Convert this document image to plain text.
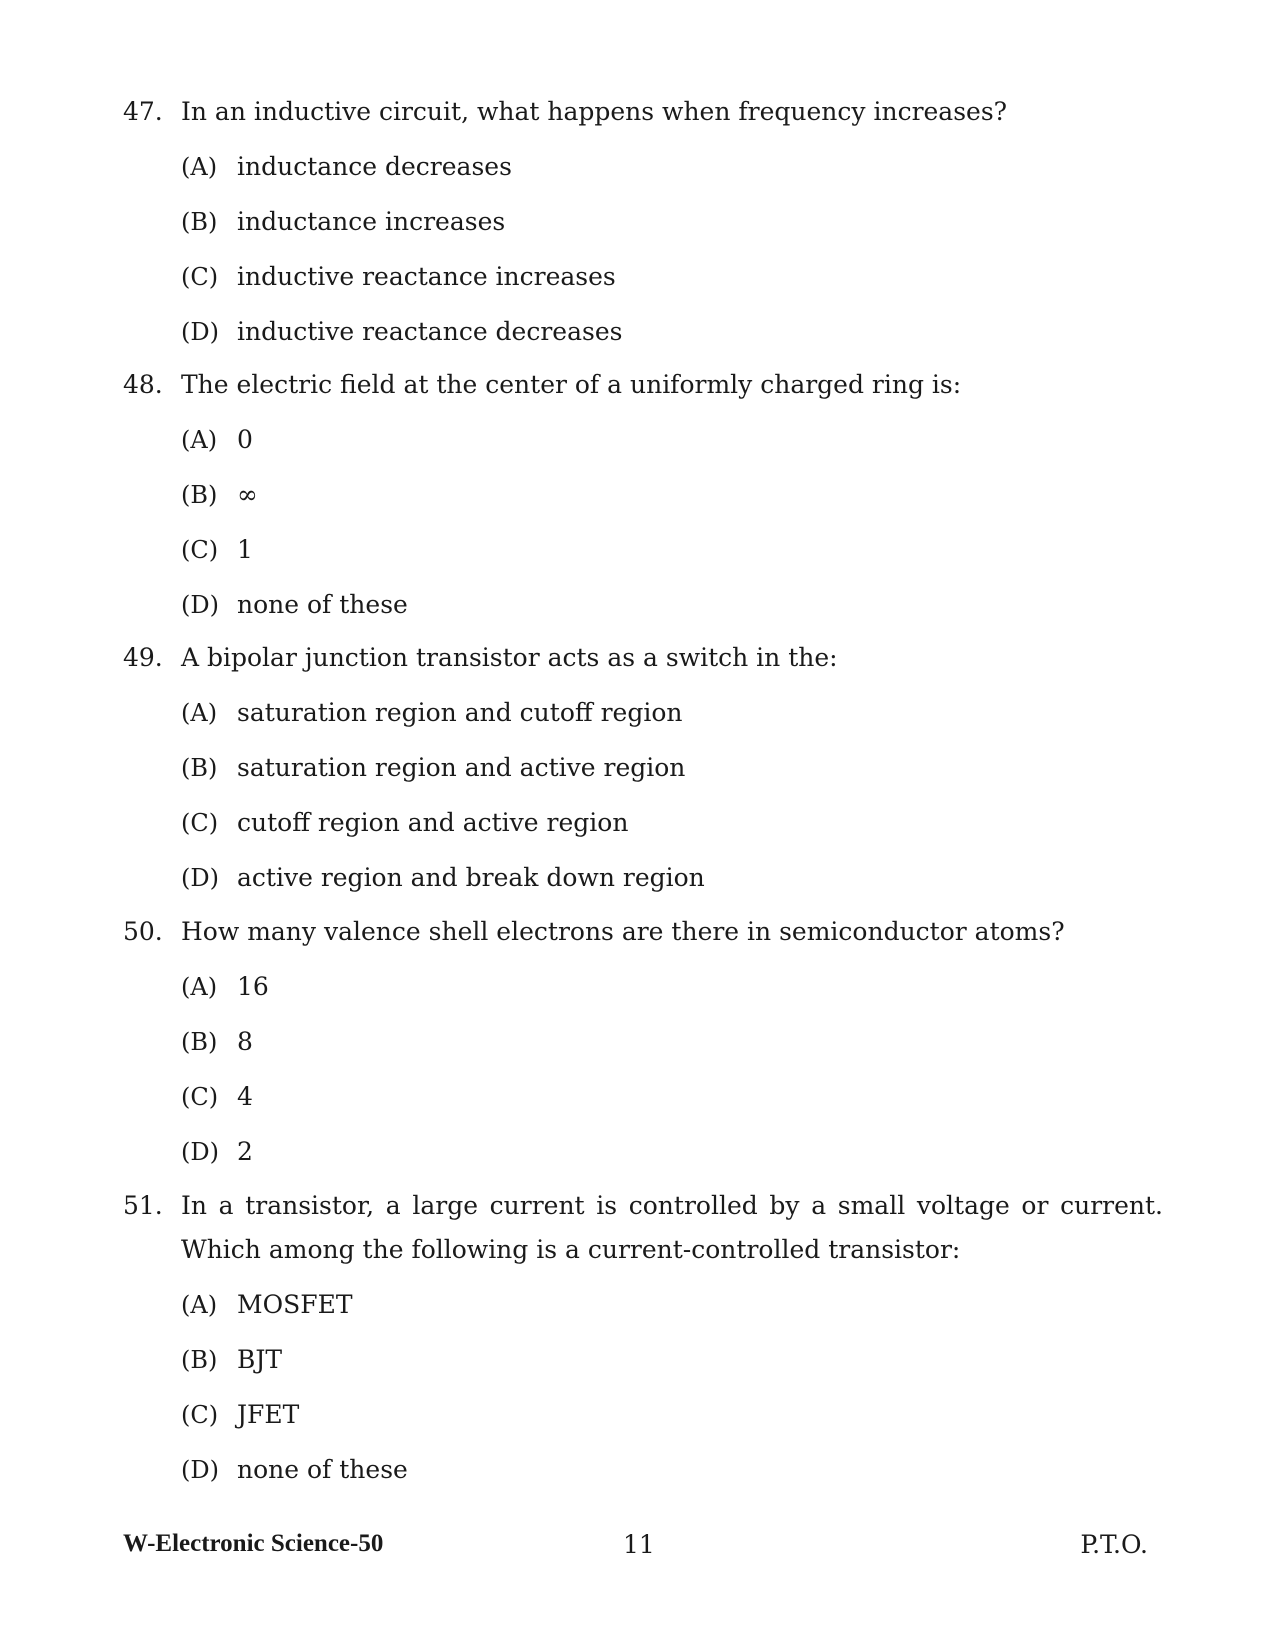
47. In an inductive circuit, what happens when frequency increases?
(A) inductance decreases
(B) inductance increases
(C) inductive reactance increases
(D) inductive reactance decreases
48. The electric field at the center of a uniformly charged ring is:
(A) 0
(B) ∞
(C) 1
(D) none of these
49. A bipolar junction transistor acts as a switch in the:
(A) saturation region and cutoff region
(B) saturation region and active region
(C) cutoff region and active region
(D) active region and break down region
50. How many valence shell electrons are there in semiconductor atoms?
(A) 16
(B) 8
(C) 4
(D) 2
51. In a transistor, a large current is controlled by a small voltage or current. Which among the following is a current-controlled transistor:
(A) MOSFET
(B) BJT
(C) JFET
(D) none of these
W-Electronic Science-50	11	P.T.O.
